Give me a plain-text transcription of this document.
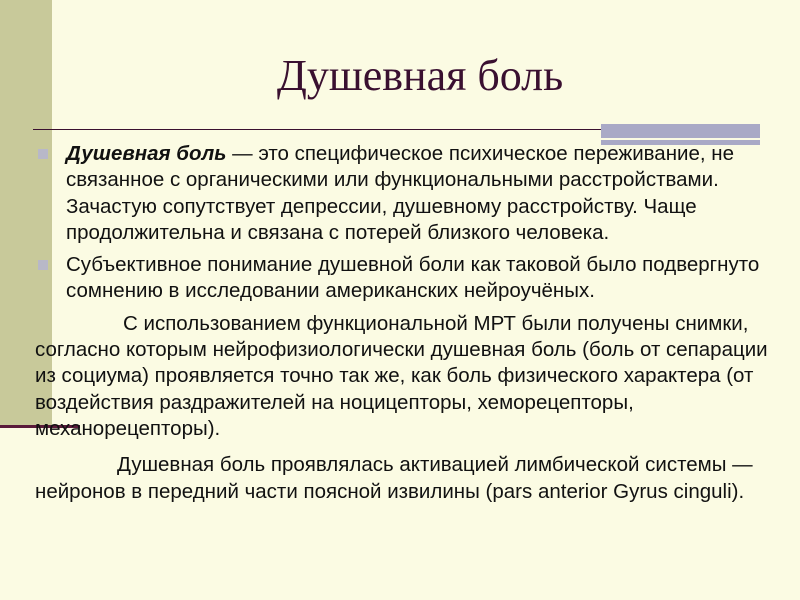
Душевная боль
Душевная боль — это специфическое психическое переживание, не связанное с органическими или функциональными расстройствами. Зачастую сопутствует депрессии, душевному расстройству. Чаще продолжительна и связана с потерей близкого человека.
Субъективное понимание душевной боли как таковой было подвергнуто сомнению в исследовании американских нейроучёных.

С использованием функциональной МРТ были получены снимки, согласно которым нейрофизиологически душевная боль (боль от сепарации из социума) проявляется точно так же, как боль физического характера (от воздействия раздражителей на ноцицепторы, хеморецепторы, механорецепторы).

Душевная боль проявлялась активацией лимбической системы — нейронов в передний части поясной извилины (pars anterior Gyrus cinguli).
